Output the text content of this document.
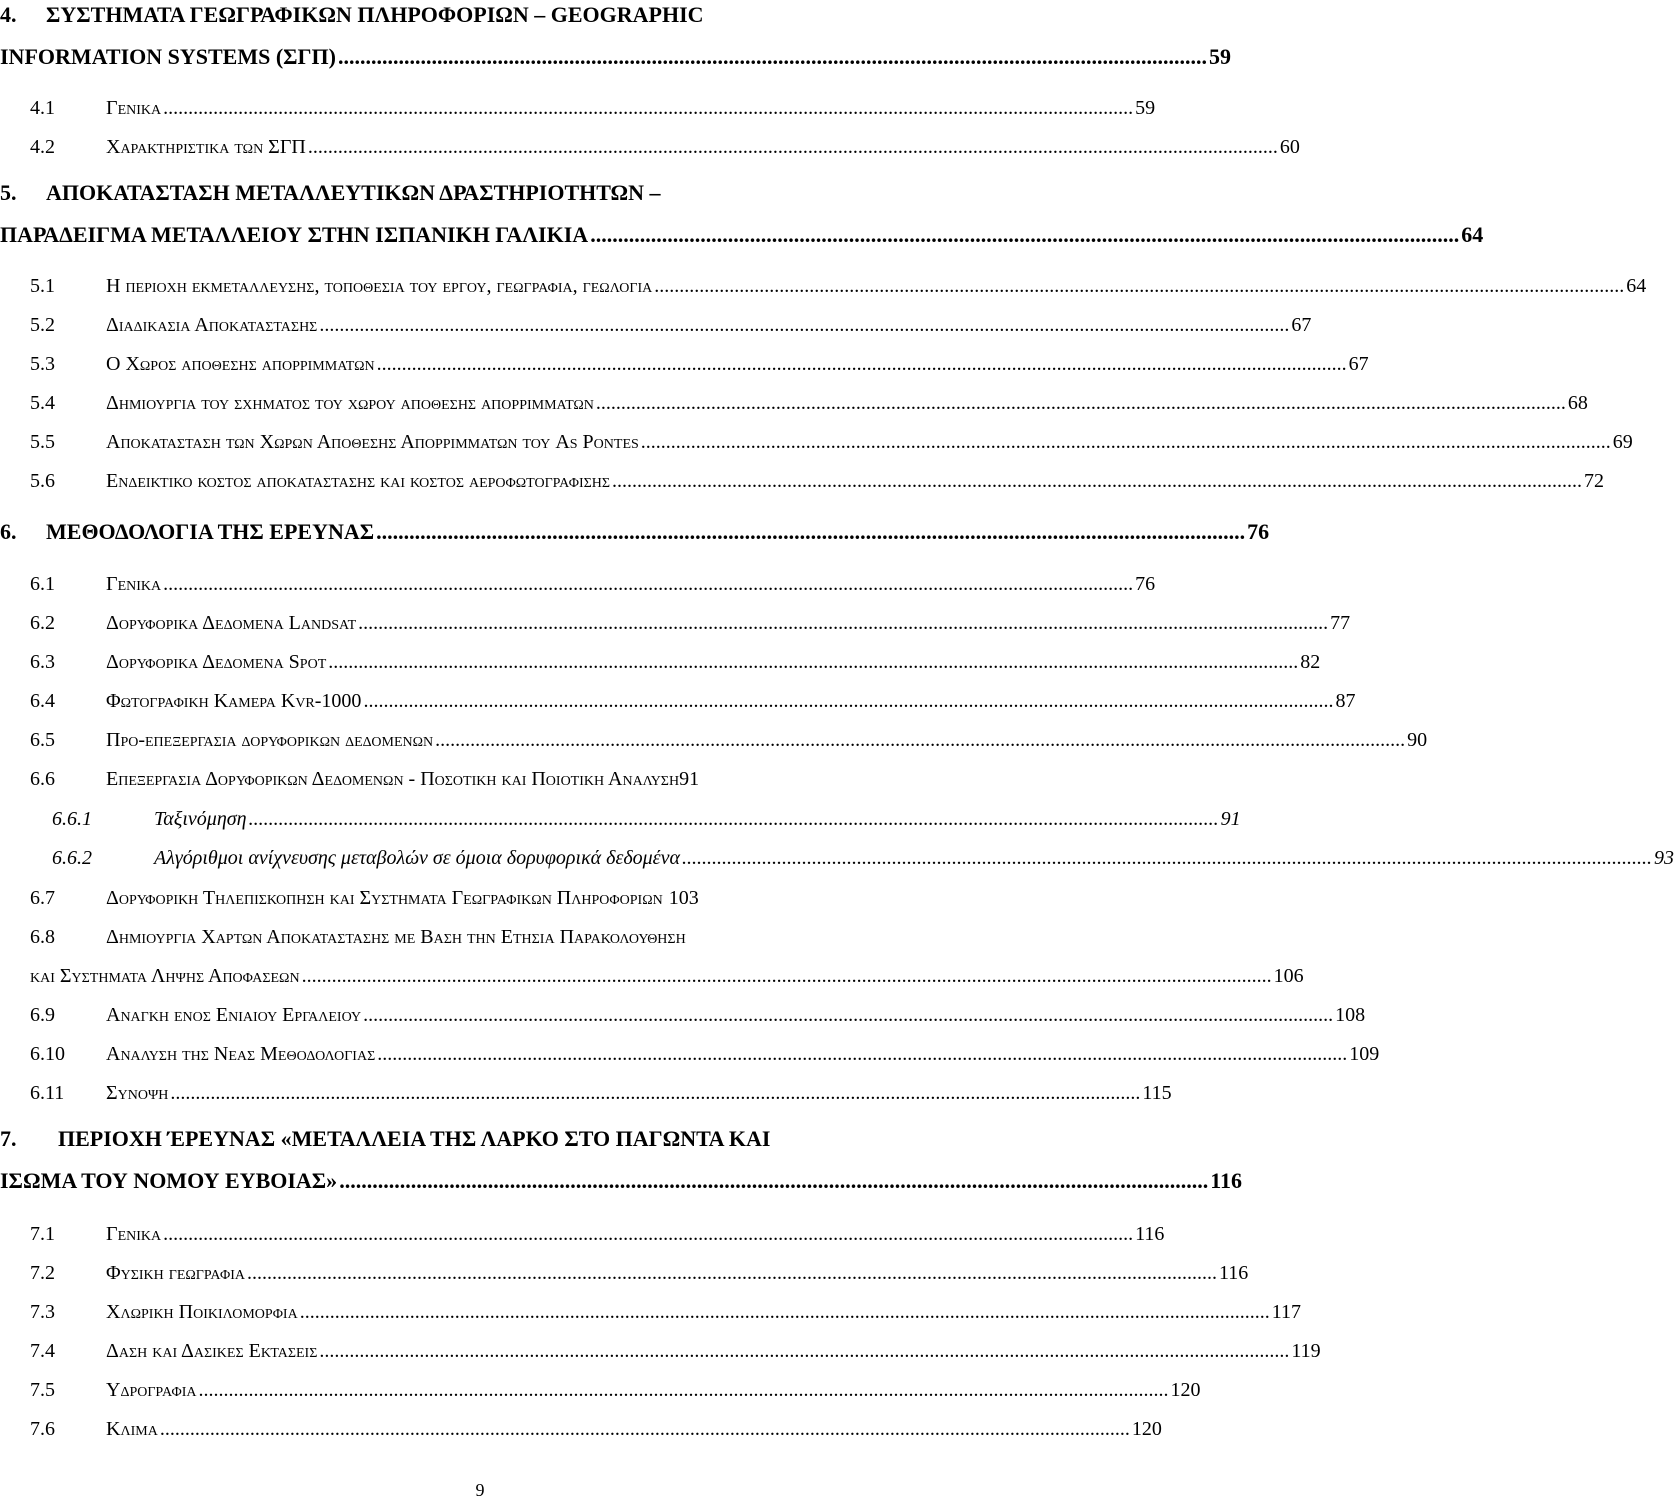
4. ΣΥΣΤΗΜΑΤΑ ΓΕΩΓΡΑΦΙΚΩΝ ΠΛΗΡΟΦΟΡΙΩΝ – GEOGRAPHIC
INFORMATION SYSTEMS (ΣΓΠ) .............................................................................................................................................................. 59
4.1	Γενικα .................................................................................................................................................................................................. 59
4.2	Χαρακτηριστικα των ΣΓΠ .................................................................................................................................................................................................. 60
5. ΑΠΟΚΑΤΑΣΤΑΣΗ ΜΕΤΑΛΛΕΥΤΙΚΩΝ ΔΡΑΣΤΗΡΙΟΤΗΤΩΝ –
ΠΑΡΑΔΕΙΓΜΑ ΜΕΤΑΛΛΕΙΟΥ ΣΤΗΝ ΙΣΠΑΝΙΚΗ ΓΑΛΙΚΙΑ .............................................................................................................................................................. 64
5.1	Η περιοχη εκμεταλλευσης, τοποθεσια του εργου, γεωγραφια, γεωλογια .................................................................................................................................................................................................. 64
5.2	Διαδικασια Αποκαταστασης .................................................................................................................................................................................................. 67
5.3	Ο Χωρος αποθεσης απορριμματων .................................................................................................................................................................................................. 67
5.4	Δημιουργια του σχηματος του χωρου αποθεσης απορριμματων .................................................................................................................................................................................................. 68
5.5	Αποκατασταση των Χωρων Αποθεσης Απορριμματων του As Pontes .................................................................................................................................................................................................. 69
5.6	Ενδεικτικο κοστος αποκαταστασης και κοστος αεροφωτογραφισης .................................................................................................................................................................................................. 72
6.	ΜΕΘΟΔΟΛΟΓΙΑ ΤΗΣ ΕΡΕΥΝΑΣ .............................................................................................................................................................. 76
6.1	Γενικα .................................................................................................................................................................................................. 76
6.2	Δορυφορικα Δεδομενα Landsat .................................................................................................................................................................................................. 77
6.3	Δορυφορικα Δεδομενα Spot .................................................................................................................................................................................................. 82
6.4	Φωτογραφικη Καμερα Kvr-1000 .................................................................................................................................................................................................. 87
6.5	Προ-επεξεργασια δορυφορικων δεδομενων .................................................................................................................................................................................................. 90
6.6	Επεξεργασια Δορυφορικων Δεδομενων - Ποσοτικη και Ποιοτικη Αναλυση 91
6.6.1	Ταξινόμηση .................................................................................................................................................................................................. 91
6.6.2	Αλγόριθμοι ανίχνευσης μεταβολών σε όμοια δορυφορικά δεδομένα .................................................................................................................................................................................................. 93
6.7	Δορυφορικη Τηλεπισκοπηση και Συστηματα Γεωγραφικων Πληροφοριων 103
6.8	Δημιουργια Χαρτων Αποκαταστασης με Βαση την Ετησια Παρακολουθηση
και Συστηματα Ληψης Αποφασεων .................................................................................................................................................................................................. 106
6.9	Αναγκη ενος Ενιαιου Εργαλειου .................................................................................................................................................................................................. 108
6.10	Αναλυση της Νεας Μεθοδολογιας .................................................................................................................................................................................................. 109
6.11	Συνοψη .................................................................................................................................................................................................. 115
7. ΠΕΡΙΟΧΗ ΈΡΕΥΝΑΣ «ΜΕΤΑΛΛΕΙΑ ΤΗΣ ΛΑΡΚΟ ΣΤΟ ΠΑΓΩΝΤΑ ΚΑΙ
ΙΣΩΜΑ ΤΟΥ ΝΟΜΟΥ ΕΥΒΟΙΑΣ» .............................................................................................................................................................. 116
7.1	Γενικα .................................................................................................................................................................................................. 116
7.2	Φυσικη γεωγραφια .................................................................................................................................................................................................. 116
7.3	Χλωρικη Ποικιλομορφια .................................................................................................................................................................................................. 117
7.4	Δαση και Δασικες Εκτασεις .................................................................................................................................................................................................. 119
7.5	Υδρογραφια .................................................................................................................................................................................................. 120
7.6	Κλιμα .................................................................................................................................................................................................. 120
9
